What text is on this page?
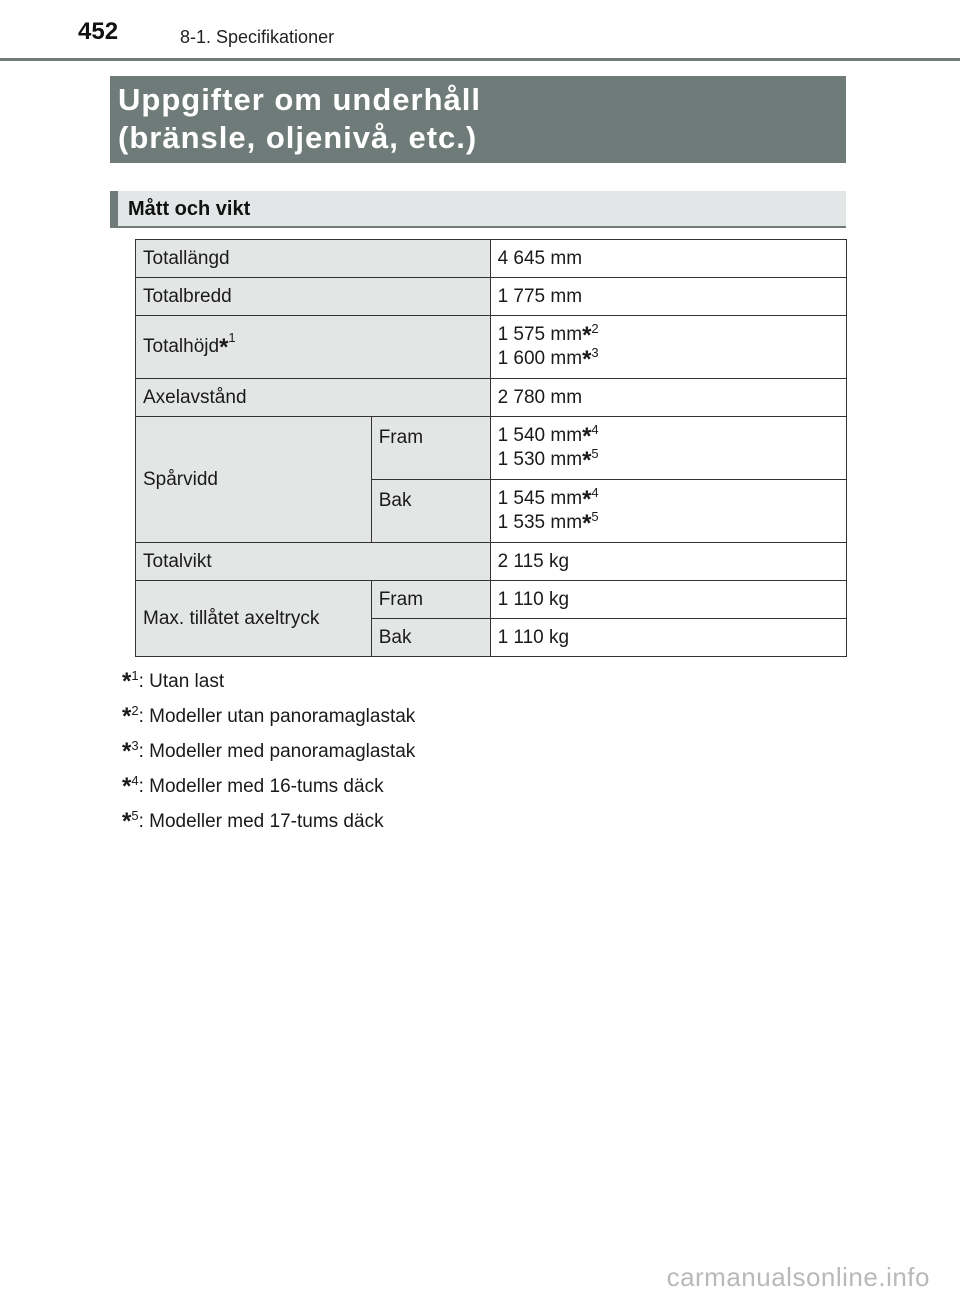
452	8-1. Specifikationer
Uppgifter om underhåll
(bränsle, oljenivå, etc.)
Mått och vikt
Totallängd		4 645 mm
Totalbredd		1 775 mm
Totalhöjd*$^1$		1 575 mm*$^2$
1 600 mm*$^3$

Axelavstånd		2 780 mm
Spårvidd	Fram	1 540 mm*$^4$
1 530 mm*$^5$

	Bak	1 545 mm*$^4$
1 535 mm*$^5$

Totalvikt		2 115 kg
Max. tillåtet axeltryck	Fram	1 110 kg
	Bak	1 110 kg
*$^1$: Utan last
*$^2$: Modeller utan panoramaglastak
*$^3$: Modeller med panoramaglastak
*$^4$: Modeller med 16-tums däck
*$^5$: Modeller med 17-tums däck
carmanualsonline.info
